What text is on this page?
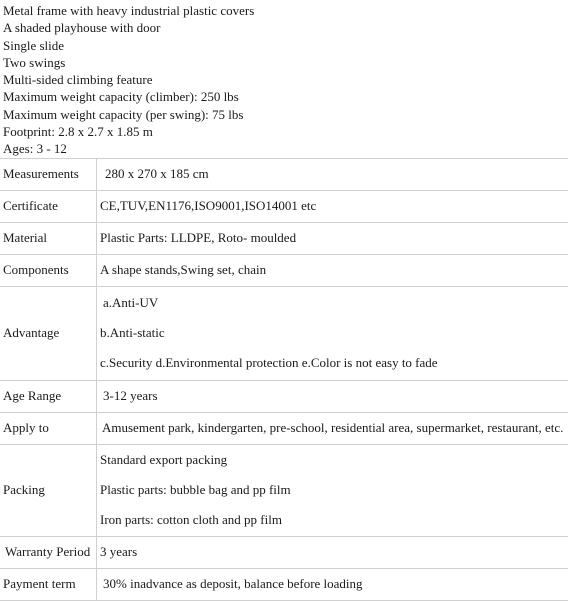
Metal frame with heavy industrial plastic covers
A shaded playhouse with door
Single slide
Two swings
Multi-sided climbing feature
Maximum weight capacity (climber): 250 lbs
Maximum weight capacity (per swing): 75 lbs
Footprint: 2.8 x 2.7 x 1.85 m
Ages: 3 - 12
Measurements	280 x 270 x 185 cm
Certificate	CE,TUV,EN1176,ISO9001,ISO14001 etc
Material	Plastic Parts: LLDPE, Roto- moulded
Components	A shape stands,Swing set, chain
Advantage	a.Anti-UV
b.Anti-static
c.Security d.Environmental protection e.Color is not easy to fade

Age Range	3-12 years
Apply to	Amusement park, kindergarten, pre-school, residential area, supermarket, restaurant, etc.
Packing	Standard export packing
Plastic parts: bubble bag and pp film
Iron parts: cotton cloth and pp film

Warranty Period	3 years
Payment term	30% inadvance as deposit, balance before loading
